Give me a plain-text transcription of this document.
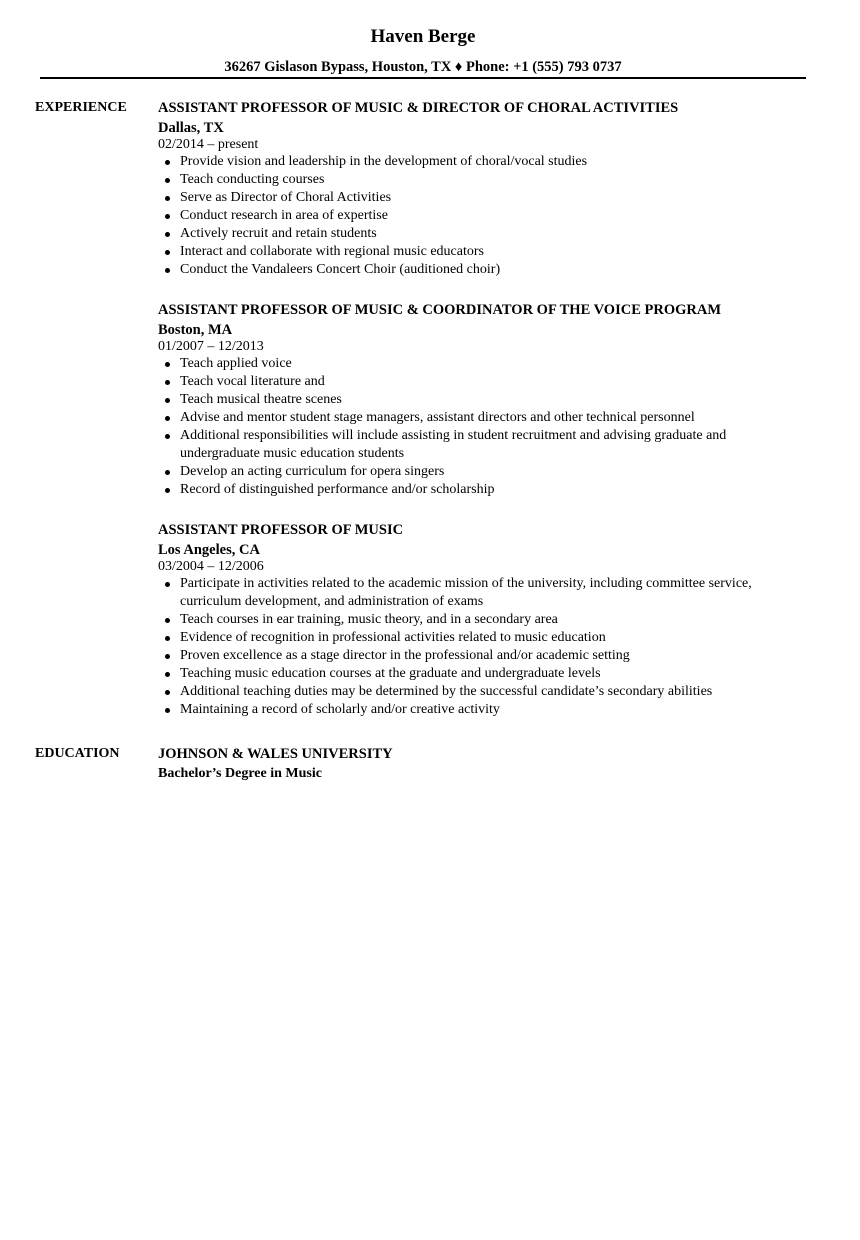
Haven Berge
36267 Gislason Bypass, Houston, TX ♦ Phone: +1 (555) 793 0737
EXPERIENCE ASSISTANT PROFESSOR OF MUSIC & DIRECTOR OF CHORAL ACTIVITIES
Dallas, TX
02/2014 – present
Provide vision and leadership in the development of choral/vocal studies
Teach conducting courses
Serve as Director of Choral Activities
Conduct research in area of expertise
Actively recruit and retain students
Interact and collaborate with regional music educators
Conduct the Vandaleers Concert Choir (auditioned choir)
ASSISTANT PROFESSOR OF MUSIC & COORDINATOR OF THE VOICE PROGRAM
Boston, MA
01/2007 – 12/2013
Teach applied voice
Teach vocal literature and
Teach musical theatre scenes
Advise and mentor student stage managers, assistant directors and other technical personnel
Additional responsibilities will include assisting in student recruitment and advising graduate and undergraduate music education students
Develop an acting curriculum for opera singers
Record of distinguished performance and/or scholarship
ASSISTANT PROFESSOR OF MUSIC
Los Angeles, CA
03/2004 – 12/2006
Participate in activities related to the academic mission of the university, including committee service, curriculum development, and administration of exams
Teach courses in ear training, music theory, and in a secondary area
Evidence of recognition in professional activities related to music education
Proven excellence as a stage director in the professional and/or academic setting
Teaching music education courses at the graduate and undergraduate levels
Additional teaching duties may be determined by the successful candidate’s secondary abilities
Maintaining a record of scholarly and/or creative activity
EDUCATION	JOHNSON & WALES UNIVERSITY
Bachelor’s Degree in Music
